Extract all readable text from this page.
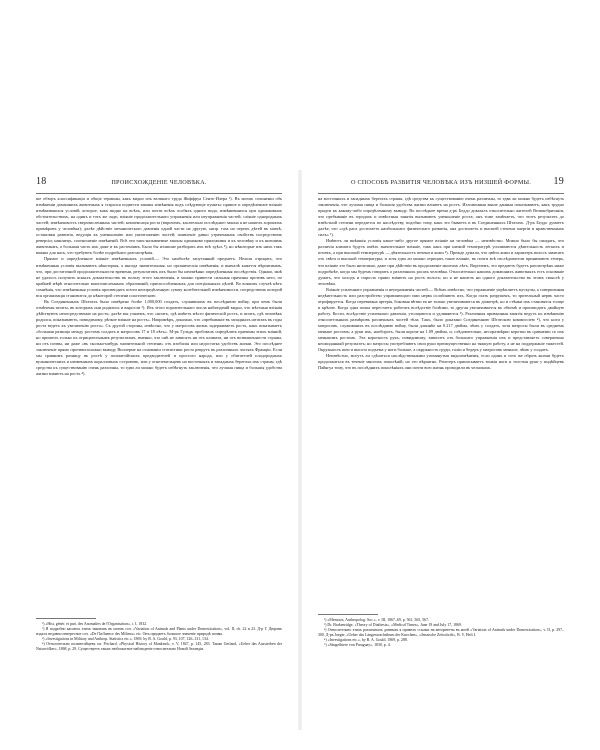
18	ПРОИСХОЖДЕНІЕ ЧЕЛОВѢКА.

ше обзоръ классификаціи и общіе термины, какъ видно изъ великаго труда Жоффруа Сентъ-Илера ¹). Въ моемъ сочиненіи объ измѣненіи домашнихъ животныхъ я старался подвести законы измѣненія подъ слѣдующіе пункты: прямое и опредѣленное вліяніе измѣнившихся условій, которое, какъ видно на всѣхъ, или почти всѣхъ особяхъ одного вида, измѣнившихся при одинаковыхъ обстоятельствахъ, на одинъ и тотъ же ладъ; вліяніе продолжительнаго упражненія или неупражненія частей; сліяніе однородныхъ частей; измѣнчивость сверхчисленныхъ частей; компенсація роста (впрочемъ, касательно послѣдняго закона я не нашелъ хорошихъ примѣровъ у человѣка); далѣе дѣйствіе механическаго давленія одной части на другую, напр. таза на черепъ дѣтей въ маткѣ, остановки развитія, ведущія къ уменьшенію или уничтоженію частей; появленіе давно утраченныхъ свойствъ посредствомъ реверсіи; наконецъ, соотношеніе измѣненій. Всѣ эти такъ-называемые законы одинаково приложимы и къ человѣку и къ низшимъ животнымъ, а большая часть ихъ даже и къ растеніямъ. Было бы излишне разбирать ихъ всѣ здѣсь ²), но нѣкоторые изъ нихъ такъ важны для насъ, что требуютъ болѣе подробнаго разсмотрѣнія.

Прямое и опредѣленное вліяніе измѣненныхъ условій.— Это наиболѣе запутанный предметъ. Нельзя отрицать, что измѣненныя условія вызываютъ нѣкоторыя, а иногда значительныя, но органическія измѣненія; и вначалѣ кажется вѣроятнымъ, что, при достаточной продолжительности времени, результатомъ ихъ были бы неизмѣнно опредѣленныя послѣдствія. Однако, мнѣ не удалось получить ясныхъ доказательствъ въ пользу этого заключенія, и можно привести сильныя причины противъ него, по крайней мѣрѣ относительно многочисленныхъ образованій, приспособленныхъ для спеціальныхъ цѣлей. Во всякомъ случаѣ нѣтъ сомнѣнія, что измѣненныя условія производятъ почти неопредѣленную сумму колебательной измѣнчивости, посредствомъ которой вся организація становится до нѣкоторой степени пластическою.

Въ Соединенныхъ Штатахъ было измѣрено болѣе 1,000,000 солдатъ, служившихъ въ послѣднюю войну, при чемъ были отмѣчены штаты, въ которыхъ они родились и выросли ³). Изъ этого поразительнаго числа наблюденій видно, что мѣстныя вліянія дѣйствуютъ непосредственно на ростъ; далѣе мы узнаемъ, что «штатъ, гдѣ имѣетъ мѣсто физическій ростъ, и штатъ, гдѣ человѣкъ родился, показываютъ, повидимому, рѣзкое вліяніе на ростъ». Напримѣръ, доказано, что «пребываніе въ западныхъ штатахъ въ годы роста ведетъ къ увеличенію роста». Съ другой стороны, извѣстно, что у матросовъ жизнь задерживаетъ ростъ, какъ показываетъ «большая разница между ростомъ солдатъ и матросовъ 17 и 18 лѣтъ». М-ръ Гульдъ пробовалъ опредѣлить причины этихъ вліяній, но пришелъ только къ отрицательнымъ результатамъ, именно, что онѣ не зависятъ ни отъ климата, ни отъ возвышенности страны, ни отъ почвы, ни даже «въ сколько-нибудь значительной степени» отъ изобилія или недостатка удобствъ жизни. Это послѣднее заключеніе прямо противоположно выводу Виллерме на основаніи статистики роста рекрутъ въ различныхъ частяхъ Франціи. Если мы сравнимъ разницу въ ростѣ у полинезійскихъ предводителей и простого народа, или у обитателей плодородныхъ вулканическихъ и низменныхъ коралловыхъ острововъ, или у огнеземельцевъ на восточныхъ и западныхъ берегахъ ихъ страны, гдѣ средства къ существованію очень различны, то едва ли можно будетъ избѣгнуть заключенія, что лучшая пища и большія удобства жизни вліяютъ на ростъ ⁴).

¹) «Hist. génér. et part. des Anomalies de l'Organisation», t. I, 1832.

²) Я подробно касаюсь этихъ законовъ въ моемъ соч. «Variation of Animals and Plants under Domestication», vol. II, ch. 22 и 23. Д-р Г. Дюранъ издалъ недавно интересное соч. «De l'Influence des Milieux» etc. Онъ придаетъ большое значеніе природѣ почвы.

³) «Investigations in Military and Anthrop. Statistics etc.», 1869, by B. A. Gould, p. 93, 107, 126–131, 134.

⁴) Относительно полинезійцевъ см. Prichard, «Physical History of Mankind», v. V, 1847, p. 145, 283. Также Gerland, «Ueber das Aussterben der Naturvölker», 1868, p. 29. Существуетъ также любопытное наблюденіе относительно Новой Зеландіи.

О СПОСОБѢ РАЗВИТІЯ ЧЕЛОВѢКА ИЗЪ НИЗШЕЙ ФОРМЫ.	19

на восточныхъ и западныхъ берегахъ страны, гдѣ средства къ существованію очень различны, то едва ли можно будетъ избѣгнуть заключенія, что лучшая пища и большія удобства жизни вліяютъ на ростъ. Изложенныя выше данныя показываютъ, какъ трудно придти къ какому-либо опредѣленному выводу. Въ послѣднее время д-ръ Беддо доказалъ относительно жителей Великобританіи, что пребываніе въ городахъ и извѣстныя занятія вызываютъ уменьшеніе роста; онъ тоже замѣчаетъ, что этотъ результатъ до извѣстной степени передается по наслѣдству, подобно тому, какъ это бываетъ и въ Соединенныхъ Штатахъ. Д-ръ Беддо думаетъ далѣе, что «гдѣ раса достигаетъ наибольшаго физическаго развитія, она достигаетъ и высшей степени энергіи и нравственныхъ силъ» ¹).

Имѣютъ ли внѣшнія условія какое-либо другое прямое вліяніе на человѣка — неизвѣстно. Можно было бы ожидать, что различія климата будутъ имѣть значительное вліяніе, такъ какъ при низкой температурѣ усиливаются дѣятельность легкихъ и почекъ, а при высокой температурѣ — дѣятельность печени и кожи ²). Прежде думали, что цвѣтъ кожи и характеръ волосъ зависятъ отъ свѣта и высокой температуры; и хотя едва ли можно отрицать такое вліяніе, въ почти всѣ изслѣдователи принимаютъ теперь, что вліяніе это было ничтожно, даже при дѣйствіи въ продолженіе многихъ лѣтъ. Впрочемъ, это предметъ будетъ разсмотрѣнъ ниже подробнѣе, когда мы будемъ говорить о различныхъ расахъ человѣка. Относительно нашихъ домашнихъ животныхъ есть основаніе думать, что холодъ и сырость прямо вліяютъ на ростъ волосъ; но я не нашелъ ни одного доказательства въ этомъ смыслѣ у человѣка.

Вліяніе усиленнаго упражненія и неупражненія частей.— Всѣмъ извѣстно, что упражненіе укрѣпляетъ мускулы, а совершенная недѣятельность или разстройство управляющаго ими нерва ослабляютъ ихъ. Когда глазъ разрушенъ, то зрительный нервъ часто атрофируется. Когда перевязана артерія, боковыя вѣтви ея не только увеличиваются въ діаметрѣ, но и стѣнки ихъ становятся толще и крѣпче. Когда одна почка перестаетъ работать вслѣдствіе болѣзни, то другая увеличивается въ объемѣ и производитъ двойную работу. Кости, вслѣдствіе усиленнаго давленія, утолщаются и удлиняются ³). Различныя привычныя занятія ведутъ къ измѣненію относительныхъ размѣровъ различныхъ частей тѣла. Такъ, было доказано Соединенною Штатскою коммиссіею ⁴), что ноги у матросовъ, служившихъ въ послѣднюю войну, были длиннѣе на 0.217 дюйма, чѣмъ у солдатъ, хотя матросы были въ среднемъ меньше ростомъ; а руки ихъ, наоборотъ, были короче на 1.09 дюйма, и, слѣдовательно, несоразмѣрно коротки въ сравненіи съ ихъ меньшимъ ростомъ. Эта короткость рукъ, повидимому, зависитъ отъ большаго упражненія ихъ и представляетъ совершенно неожиданный результатъ; но матросы употребляютъ свои руки преимущественно на тяжкую работу, а не на поддержаніе тяжестей. Окружность шеи и высота подъема у ноги больше, а окружность груди, таліи и бедеръ у матросовъ меньше, чѣмъ у солдатъ.

Неизвѣстно, могутъ ли сдѣлаться наслѣдственными упомянутыя видоизмѣненія, если одинъ и тотъ же образъ жизни будетъ продолжаться въ теченіе многихъ поколѣній; но это вѣроятно. Ренггеръ приписываетъ тонкія ноги и толстыя руки у индѣйцевъ Пайягуа тому, что въ послѣднихъ поколѣніяхъ они почти всю жизнь проводили въ челнокахъ.

¹) «Memoirs, Anthropolog. Soc.», v. III, 1867–69, p. 561, 565, 567.

²) Dr. Brakenridge, «Theory of Diathesis», «Medical Times», June 19 and July 17, 1869.

³) Относительно этихъ различныхъ данныхъ я привелъ ссылки на авторитеты въ моей «Variation of Animals under Domestication», v. II, p. 297–300. Д-ръ Jaeger, «Ueber das Längenwachsthum der Knochen», «Jenaische Zeitschrift», B. V, Heft I.

⁴) «Investigations etc.», by B. A. Gould, 1869, p. 288.

⁵) «Säugethiere von Paraguay», 1830, p. 4.
